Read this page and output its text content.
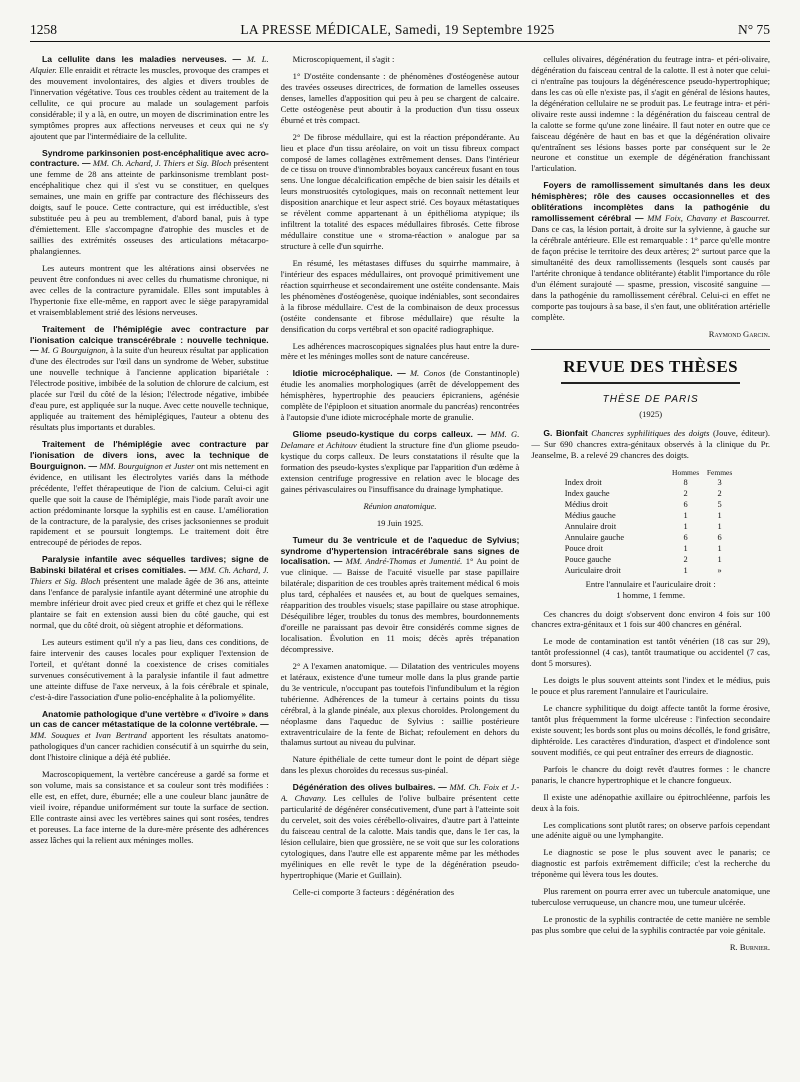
1258	LA PRESSE MÉDICALE, Samedi, 19 Septembre 1925	N° 75

La cellulite dans les maladies nerveuses. — M. L. Alquier. Elle enraidit et rétracte les muscles, provoque des crampes et des mouvement involontaires, des algies et divers troubles de l'innervation végétative. Tous ces troubles cèdent au traitement de la cellulite, ce qui procure au malade un soulagement parfois considérable; il y a là, en outre, un moyen de discrimination entre les symptômes propres aux affections nerveuses et ceux qui ne s'y ajoutent que par l'intermédiaire de la cellulite.

Syndrome parkinsonien post-encéphalitique avec acro-contracture. — MM. Ch. Achard, J. Thiers et Sig. Bloch présentent une femme de 28 ans atteinte de parkinsonisme tremblant post-encéphalitique chez qui il s'est vu se constituer, en quelques semaines, une main en griffe par contracture des fléchisseurs des doigts, sauf le pouce. Cette contracture, qui est irréductible, s'est substituée peu à peu au tremblement, d'abord banal, puis à type d'émiettement. Elle s'accompagne d'atrophie des muscles et de saillies des extrémités osseuses des articulations métacarpo-phalangiennes.

Les auteurs montrent que les altérations ainsi observées ne peuvent être confondues ni avec celles du rhumatisme chronique, ni avec celles de la contracture pyramidale. Elles sont imputables à l'hypertonie fixe elle-même, en rapport avec le siège parapyramidal et vraisemblablement strié des lésions nerveuses.

Traitement de l'hémiplégie avec contracture par l'ionisation calcique transcérébrale : nouvelle technique. — M. G Bourguignon, à la suite d'un heureux résultat par application d'une des électrodes sur l'œil dans un syndrome de Weber, substitue une nouvelle technique à l'ancienne application bipariétale : l'électrode positive, imbibée de la solution de chlorure de calcium, est placée sur l'œil du côté de la lésion; l'électrode négative, imbibée d'eau pure, est appliquée sur la nuque. Avec cette nouvelle technique, appliquée au traitement des hémiplégiques, l'auteur a obtenu des résultats plus importants et durables.

Traitement de l'hémiplégie avec contracture par l'ionisation de divers ions, avec la technique de Bourguignon. — MM. Bourguignon et Juster ont mis nettement en évidence, en utilisant les électrolytes variés dans la méthode précédente, l'effet thérapeutique de l'ion de calcium. Celui-ci agit quelle que soit la cause de l'hémiplégie, mais l'iode paraît avoir une action prédominante lorsque la syphilis est en cause. L'amélioration de la contracture, de la paralysie, des crises jacksoniennes se produit rapidement et se poursuit longtemps. Le traitement doit être entrecoupé de périodes de repos.

Paralysie infantile avec séquelles tardives; signe de Babinski bilatéral et crises comitiales. — MM. Ch. Achard, J. Thiers et Sig. Bloch présentent une malade âgée de 36 ans, atteinte dans l'enfance de paralysie infantile ayant déterminé une atrophie du membre inférieur droit avec pied creux et griffe et chez qui le réflexe plantaire se fait en extension aussi bien du côté gauche, qui est normal, que du côté droit, où siègent atrophie et déformations.

Les auteurs estiment qu'il n'y a pas lieu, dans ces conditions, de faire intervenir des causes locales pour expliquer l'extension de l'orteil, et qu'étant donné la coexistence de crises comitiales survenues consécutivement à la paralysie infantile il faut admettre une atteinte diffuse de l'axe nerveux, à la fois cérébrale et spinale, c'est-à-dire l'association d'une polio-encéphalite à la poliomyélite.

Anatomie pathologique d'une vertèbre « d'ivoire » dans un cas de cancer métastatique de la colonne vertébrale. — MM. Souques et Ivan Bertrand apportent les résultats anatomo-pathologiques d'un cancer rachidien consécutif à un squirrhe du sein, dont l'histoire clinique a déjà été publiée.

Macroscopiquement, la vertèbre cancéreuse a gardé sa forme et son volume, mais sa consistance et sa couleur sont très modifiées : elle est, en effet, dure, éburnée; elle a une couleur blanc jaunâtre de vieil ivoire, répandue uniformément sur toute la surface de section. Elle contraste ainsi avec les vertèbres saines qui sont rosées, tendres et poreuses. La face interne de la dure-mère présente des adhérences assez lâches qui la relient aux méninges molles.

Microscopiquement, il s'agit :

1° D'ostéite condensante : de phénomènes d'ostéogenèse autour des travées osseuses directrices, de formation de lamelles osseuses denses, lamelles d'apposition qui peu à peu se chargent de calcaire. Cette ostéogenèse peut aboutir à la production d'un tissu osseux éburné et très compact.

2° De fibrose médullaire, qui est la réaction prépondérante. Au lieu et place d'un tissu aréolaire, on voit un tissu fibreux compact composé de lames collagènes extrêmement denses. Dans l'intérieur de ce tissu on trouve d'innombrables boyaux cancéreux fusant en tous sens. Une longue décalcification empêche de bien saisir les détails et leurs monstruosités cytologiques, mais on reconnaît nettement leur disposition anarchique et leur aspect strié. Ces boyaux métastatiques se révèlent comme appartenant à un épithélioma atypique; ils infiltrent la totalité des espaces médullaires fibrosés. Cette fibrose médullaire constitue une « stroma-réaction » analogue par sa structure à celle d'un squirrhe.

En résumé, les métastases diffuses du squirrhe mammaire, à l'intérieur des espaces médullaires, ont provoqué primitivement une réaction squirrheuse et secondairement une ostéite condensante. Mais les phénomènes d'ostéogenèse, quoique indéniables, sont secondaires à la fibrose médullaire. C'est de la combinaison de deux processus (ostéite condensante et fibrose médullaire) que résulte la densification du corps vertébral et son opacité radiographique.

Les adhérences macroscopiques signalées plus haut entre la dure-mère et les méninges molles sont de nature cancéreuse.

Idiotie microcéphalique. — M. Conos (de Constantinople) étudie les anomalies morphologiques (arrêt de développement des hémisphères, hypertrophie des peauciers épicraniens, agénésie complète de l'épiploon et situation anormale du pancréas) rencontrées à l'autopsie d'une idiote microcéphale morte de granulie.

Gliome pseudo-kystique du corps calleux. — MM. G. Delamare et Achitouv étudient la structure fine d'un gliome pseudo-kystique du corps calleux. De leurs constatations il résulte que la formation des pseudo-kystes s'explique par l'apparition d'un œdème à extension centrifuge progressive en relation avec le blocage des gaines périvasculaires ou l'insuffisance du drainage lymphatique.

Réunion anatomique.

19 Juin 1925.

Tumeur du 3e ventricule et de l'aqueduc de Sylvius; syndrome d'hypertension intracérébrale sans signes de localisation. — MM. André-Thomas et Jumentié. 1° Au point de vue clinique. — Baisse de l'acuité visuelle par stase papillaire bilatérale; disparition de ces troubles après traitement médical 6 mois plus tard, céphalées et nausées et, au bout de quelques semaines, réapparition des troubles visuels; stase papillaire ou stase atrophique. Déséquilibre léger, troubles du tonus des membres, bourdonnements d'oreille ne paraissant pas devoir être considérés comme signes de localisation. Évolution en 11 mois; décès après trépanation décompressive.

2° A l'examen anatomique. — Dilatation des ventricules moyens et latéraux, existence d'une tumeur molle dans la plus grande partie du 3e ventricule, n'occupant pas toutefois l'infundibulum et la région tubérienne. Adhérences de la tumeur à certains points du tissu cérébral, à la glande pinéale, aux plexus choroïdes. Prolongement du néoplasme dans l'aqueduc de Sylvius : saillie postérieure extraventriculaire de la fente de Bichat; refoulement en dehors du thalamus surtout au niveau du pulvinar.

Nature épithéliale de cette tumeur dont le point de départ siège dans les plexus choroïdes du recessus sus-pinéal.

Dégénération des olives bulbaires. — MM. Ch. Foix et J.-A. Chavany. Les cellules de l'olive bulbaire présentent cette particularité de dégénérer consécutivement, d'une part à l'atteinte soit du cervelet, soit des voies cérébello-olivaires, d'autre part à l'atteinte du faisceau central de la calotte. Mais tandis que, dans le 1er cas, la lésion cellulaire, bien que grossière, ne se voit que sur les colorations cytologiques, dans l'autre elle est apparente même par les méthodes myéliniques en elle revêt le type de la dégénération pseudo-hypertrophique (Marie et Guillain).

Celle-ci comporte 3 facteurs : dégénération des

cellules olivaires, dégénération du feutrage intra- et péri-olivaire, dégénération du faisceau central de la calotte. Il est à noter que celui-ci n'entraîne pas toujours la dégénérescence pseudo-hypertrophique; dans les cas où elle n'existe pas, il s'agit en général de lésions hautes, la dégénération cellulaire ne se produit pas. Le feutrage intra- et péri-olivaire reste aussi indemne : la dégénération du faisceau central de la calotte se forme qu'une zone linéaire. Il faut noter en outre que ce faisceau dégénère de haut en bas et que la dégénération olivaire qu'entraînent ses lésions basses porte par conséquent sur le 2e neurone et constitue un exemple de dégénération franchissant l'articulation.

Foyers de ramollissement simultanés dans les deux hémisphères; rôle des causes occasionnelles et des oblitérations incomplètes dans la pathogénie du ramollissement cérébral — MM Foix, Chavany et Bascourret. Dans ce cas, la lésion portait, à droite sur la sylvienne, à gauche sur la cérébrale antérieure. Elle est remarquable : 1° parce qu'elle montre de façon précise le territoire des deux artères; 2° surtout parce que la simultanéité des deux ramollissements (lesquels sont causés par l'artérite chronique à tendance oblitérante) établit l'importance du rôle d'un élément surajouté — spasme, pression, viscosité sanguine — dans la pathogénie du ramollissement cérébral. Celui-ci en effet ne comporte pas toujours à sa base, il s'en faut, une oblitération artérielle complète.

Raymond Garcin.

REVUE DES THÈSES
THÈSE DE PARIS
(1925)

G. Bionfait Chancres syphilitiques des doigts (Jouve, éditeur). — Sur 690 chancres extra-génitaux observés à la clinique du Pr. Jeanselme, B. a relevé 29 chancres des doigts.

	Hommes	Femmes
Index droit	8	3
Index gauche	2	2
Médius droit	6	5
Médius gauche	1	1
Annulaire droit	1	1
Annulaire gauche	6	6
Pouce droit	1	1
Pouce gauche	2	1
Auriculaire droit	1	»

Entre l'annulaire et l'auriculaire droit :
1 homme, 1 femme.

Ces chancres du doigt s'observent donc environ 4 fois sur 100 chancres extra-génitaux et 1 fois sur 400 chancres en général.

Le mode de contamination est tantôt vénérien (18 cas sur 29), tantôt professionnel (4 cas), tantôt traumatique ou accidentel (7 cas, dont 5 morsures).

Les doigts le plus souvent atteints sont l'index et le médius, puis le pouce et plus rarement l'annulaire et l'auriculaire.

Le chancre syphilitique du doigt affecte tantôt la forme érosive, tantôt plus fréquemment la forme ulcéreuse : l'infection secondaire existe souvent; les bords sont plus ou moins décollés, le fond grisâtre, diphtéroïde. Les caractères d'induration, d'aspect et d'indolence sont souvent modifiés, ce qui peut entraîner des erreurs de diagnostic.

Parfois le chancre du doigt revêt d'autres formes : le chancre panaris, le chancre hypertrophique et le chancre fongueux.

Il existe une adénopathie axillaire ou épitrochléenne, parfois les deux à la fois.

Les complications sont plutôt rares; on observe parfois cependant une adénite aiguë ou une lymphangite.

Le diagnostic se pose le plus souvent avec le panaris; ce diagnostic est parfois extrêmement difficile; c'est la recherche du tréponème qui lèvera tous les doutes.

Plus rarement on pourra errer avec un tubercule anatomique, une tuberculose verruqueuse, un chancre mou, une tumeur ulcérée.

Le pronostic de la syphilis contractée de cette manière ne semble pas plus sombre que celui de la syphilis contractée par voie génitale.

R. Burnier.
